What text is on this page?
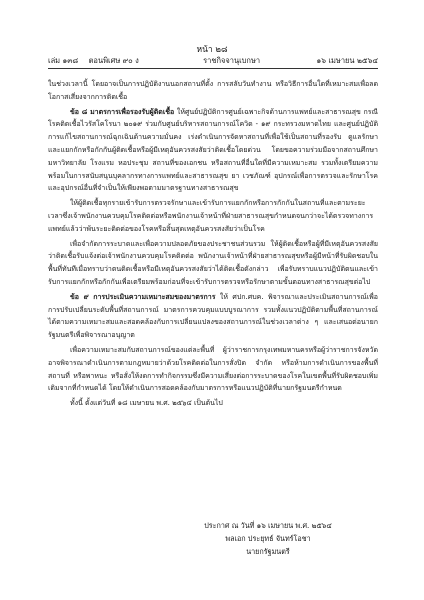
หน้า ๒๘
เล่ม ๑๓๘ ตอนพิเศษ ๙๐ ง	ราชกิจจานุเบกษา	๑๖ เมษายน ๒๕๖๔

ในช่วงเวลานี้ โดยอาจเป็นการปฏิบัติงานนอกสถานที่ตั้ง การสลับวันทำงาน หรือวิธีการอื่นใดที่เหมาะสมเพื่อลดโอกาสเสี่ยงจากการติดเชื้อ

ข้อ ๘ มาตรการเพื่อรองรับผู้ติดเชื้อ ให้ศูนย์ปฏิบัติการศูนย์เฉพาะกิจด้านการแพทย์และสาธารณสุข กรณีโรคติดเชื้อไวรัสโคโรนา ๒๐๑๙ ร่วมกับศูนย์บริหารสถานการณ์โควิด - ๑๙ กระทรวงมหาดไทย และศูนย์ปฏิบัติการแก้ไขสถานการณ์ฉุกเฉินด้านความมั่นคง เร่งดำเนินการจัดหาสถานที่เพื่อใช้เป็นสถานที่รองรับ ดูแลรักษา และแยกกักหรือกักกันผู้ติดเชื้อหรือผู้มีเหตุอันควรสงสัยว่าติดเชื้อโดยด่วน โดยขอความร่วมมือจากสถานศึกษา มหาวิทยาลัย โรงแรม หอประชุม สถานที่ของเอกชน หรือสถานที่อื่นใดที่มีความเหมาะสม รวมทั้งเตรียมความพร้อมในการสนับสนุนบุคลากรทางการแพทย์และสาธารณสุข ยา เวชภัณฑ์ อุปกรณ์เพื่อการตรวจและรักษาโรค และอุปกรณ์อื่นที่จำเป็นให้เพียงพอตามมาตรฐานทางสาธารณสุข

ให้ผู้ติดเชื้อทุกรายเข้ารับการตรวจรักษาและเข้ารับการแยกกักหรือการกักกันในสถานที่และตามระยะเวลาซึ่งเจ้าพนักงานควบคุมโรคติดต่อหรือพนักงานเจ้าหน้าที่ฝ่ายสาธารณสุขกำหนดจนกว่าจะได้ตรวจทางการแพทย์แล้วว่าพ้นระยะติดต่อของโรคหรือสิ้นสุดเหตุอันควรสงสัยว่าเป็นโรค

เพื่อจำกัดการระบาดและเพื่อความปลอดภัยของประชาชนส่วนรวม ให้ผู้ติดเชื้อหรือผู้ที่มีเหตุอันควรสงสัยว่าติดเชื้อรับแจ้งต่อเจ้าพนักงานควบคุมโรคติดต่อ พนักงานเจ้าหน้าที่ฝ่ายสาธารณสุขหรือผู้มีหน้าที่รับผิดชอบในพื้นที่ทันทีเมื่อทราบว่าตนติดเชื้อหรือมีเหตุอันควรสงสัยว่าได้ติดเชื้อดังกล่าว เพื่อรับทราบแนวปฏิบัติตนและเข้ารับการแยกกักหรือกักกันเพื่อเตรียมพร้อมก่อนที่จะเข้ารับการตรวจหรือรักษาตามขั้นตอนทางสาธารณสุขต่อไป

ข้อ ๙ การประเมินความเหมาะสมของมาตรการ ให้ ศปก.ศบค. พิจารณาและประเมินสถานการณ์เพื่อการปรับเปลี่ยนระดับพื้นที่สถานการณ์ มาตรการควบคุมแบบบูรณาการ รวมทั้งแนวปฏิบัติตามพื้นที่สถานการณ์ได้ตามความเหมาะสมและสอดคล้องกับการเปลี่ยนแปลงของสถานการณ์ในช่วงเวลาต่าง ๆ และเสนอต่อนายกรัฐมนตรีเพื่อพิจารณาอนุญาต

เพื่อความเหมาะสมกับสถานการณ์ของแต่ละพื้นที่ ผู้ว่าราชการกรุงเทพมหานครหรือผู้ว่าราชการจังหวัดอาจพิจารณาดำเนินการตามกฎหมายว่าด้วยโรคติดต่อในการสั่งปิด จำกัด หรือห้ามการดำเนินการของพื้นที่ สถานที่ หรือพาหนะ หรือสั่งให้งดการทำกิจกรรมซึ่งมีความเสี่ยงต่อการระบาดของโรคในเขตพื้นที่รับผิดชอบเพิ่มเติมจากที่กำหนดได้ โดยให้ดำเนินการสอดคล้องกับมาตรการหรือแนวปฏิบัติที่นายกรัฐมนตรีกำหนด

ทั้งนี้ ตั้งแต่วันที่ ๑๘ เมษายน พ.ศ. ๒๕๖๔ เป็นต้นไป

ประกาศ ณ วันที่ ๑๖ เมษายน พ.ศ. ๒๕๖๔
พลเอก ประยุทธ์ จันทร์โอชา
นายกรัฐมนตรี
